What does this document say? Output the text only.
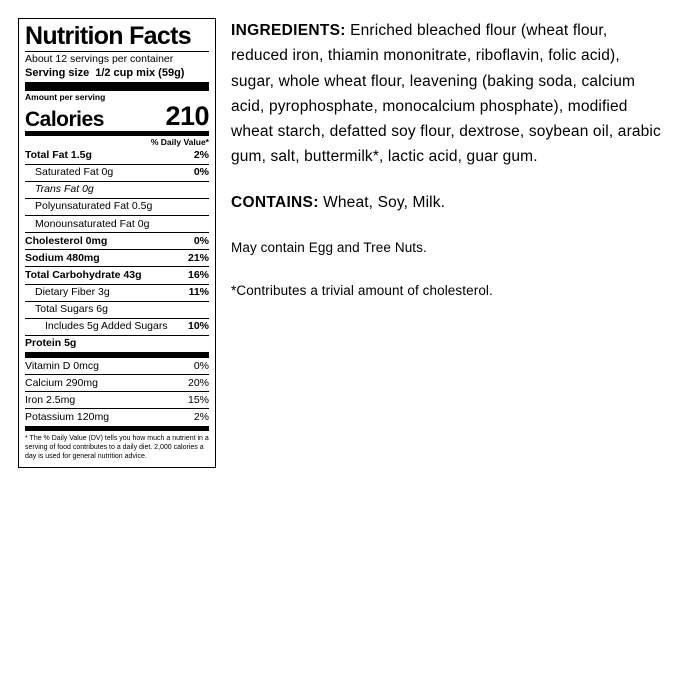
Nutrition Facts
About 12 servings per container
Serving size 1/2 cup mix (59g)
Amount per serving
Calories 210
% Daily Value*
Total Fat 1.5g	2%
Saturated Fat 0g	0%
Trans Fat 0g
Polyunsaturated Fat 0.5g
Monounsaturated Fat 0g
Cholesterol 0mg	0%
Sodium 480mg	21%
Total Carbohydrate 43g	16%
Dietary Fiber 3g	11%
Total Sugars 6g
Includes 5g Added Sugars 10%
Protein 5g
Vitamin D 0mcg	0%
Calcium 290mg	20%
Iron 2.5mg	15%
Potassium 120mg	2%
* The % Daily Value (DV) tells you how much a nutrient in a serving of food contributes to a daily diet. 2,000 calories a day is used for general nutrition advice.
INGREDIENTS: Enriched bleached flour (wheat flour, reduced iron, thiamin mononitrate, riboflavin, folic acid), sugar, whole wheat flour, leavening (baking soda, calcium acid, pyrophosphate, monocalcium phosphate), modified wheat starch, defatted soy flour, dextrose, soybean oil, arabic gum, salt, buttermilk*, lactic acid, guar gum.
CONTAINS: Wheat, Soy, Milk.
May contain Egg and Tree Nuts.
*Contributes a trivial amount of cholesterol.
